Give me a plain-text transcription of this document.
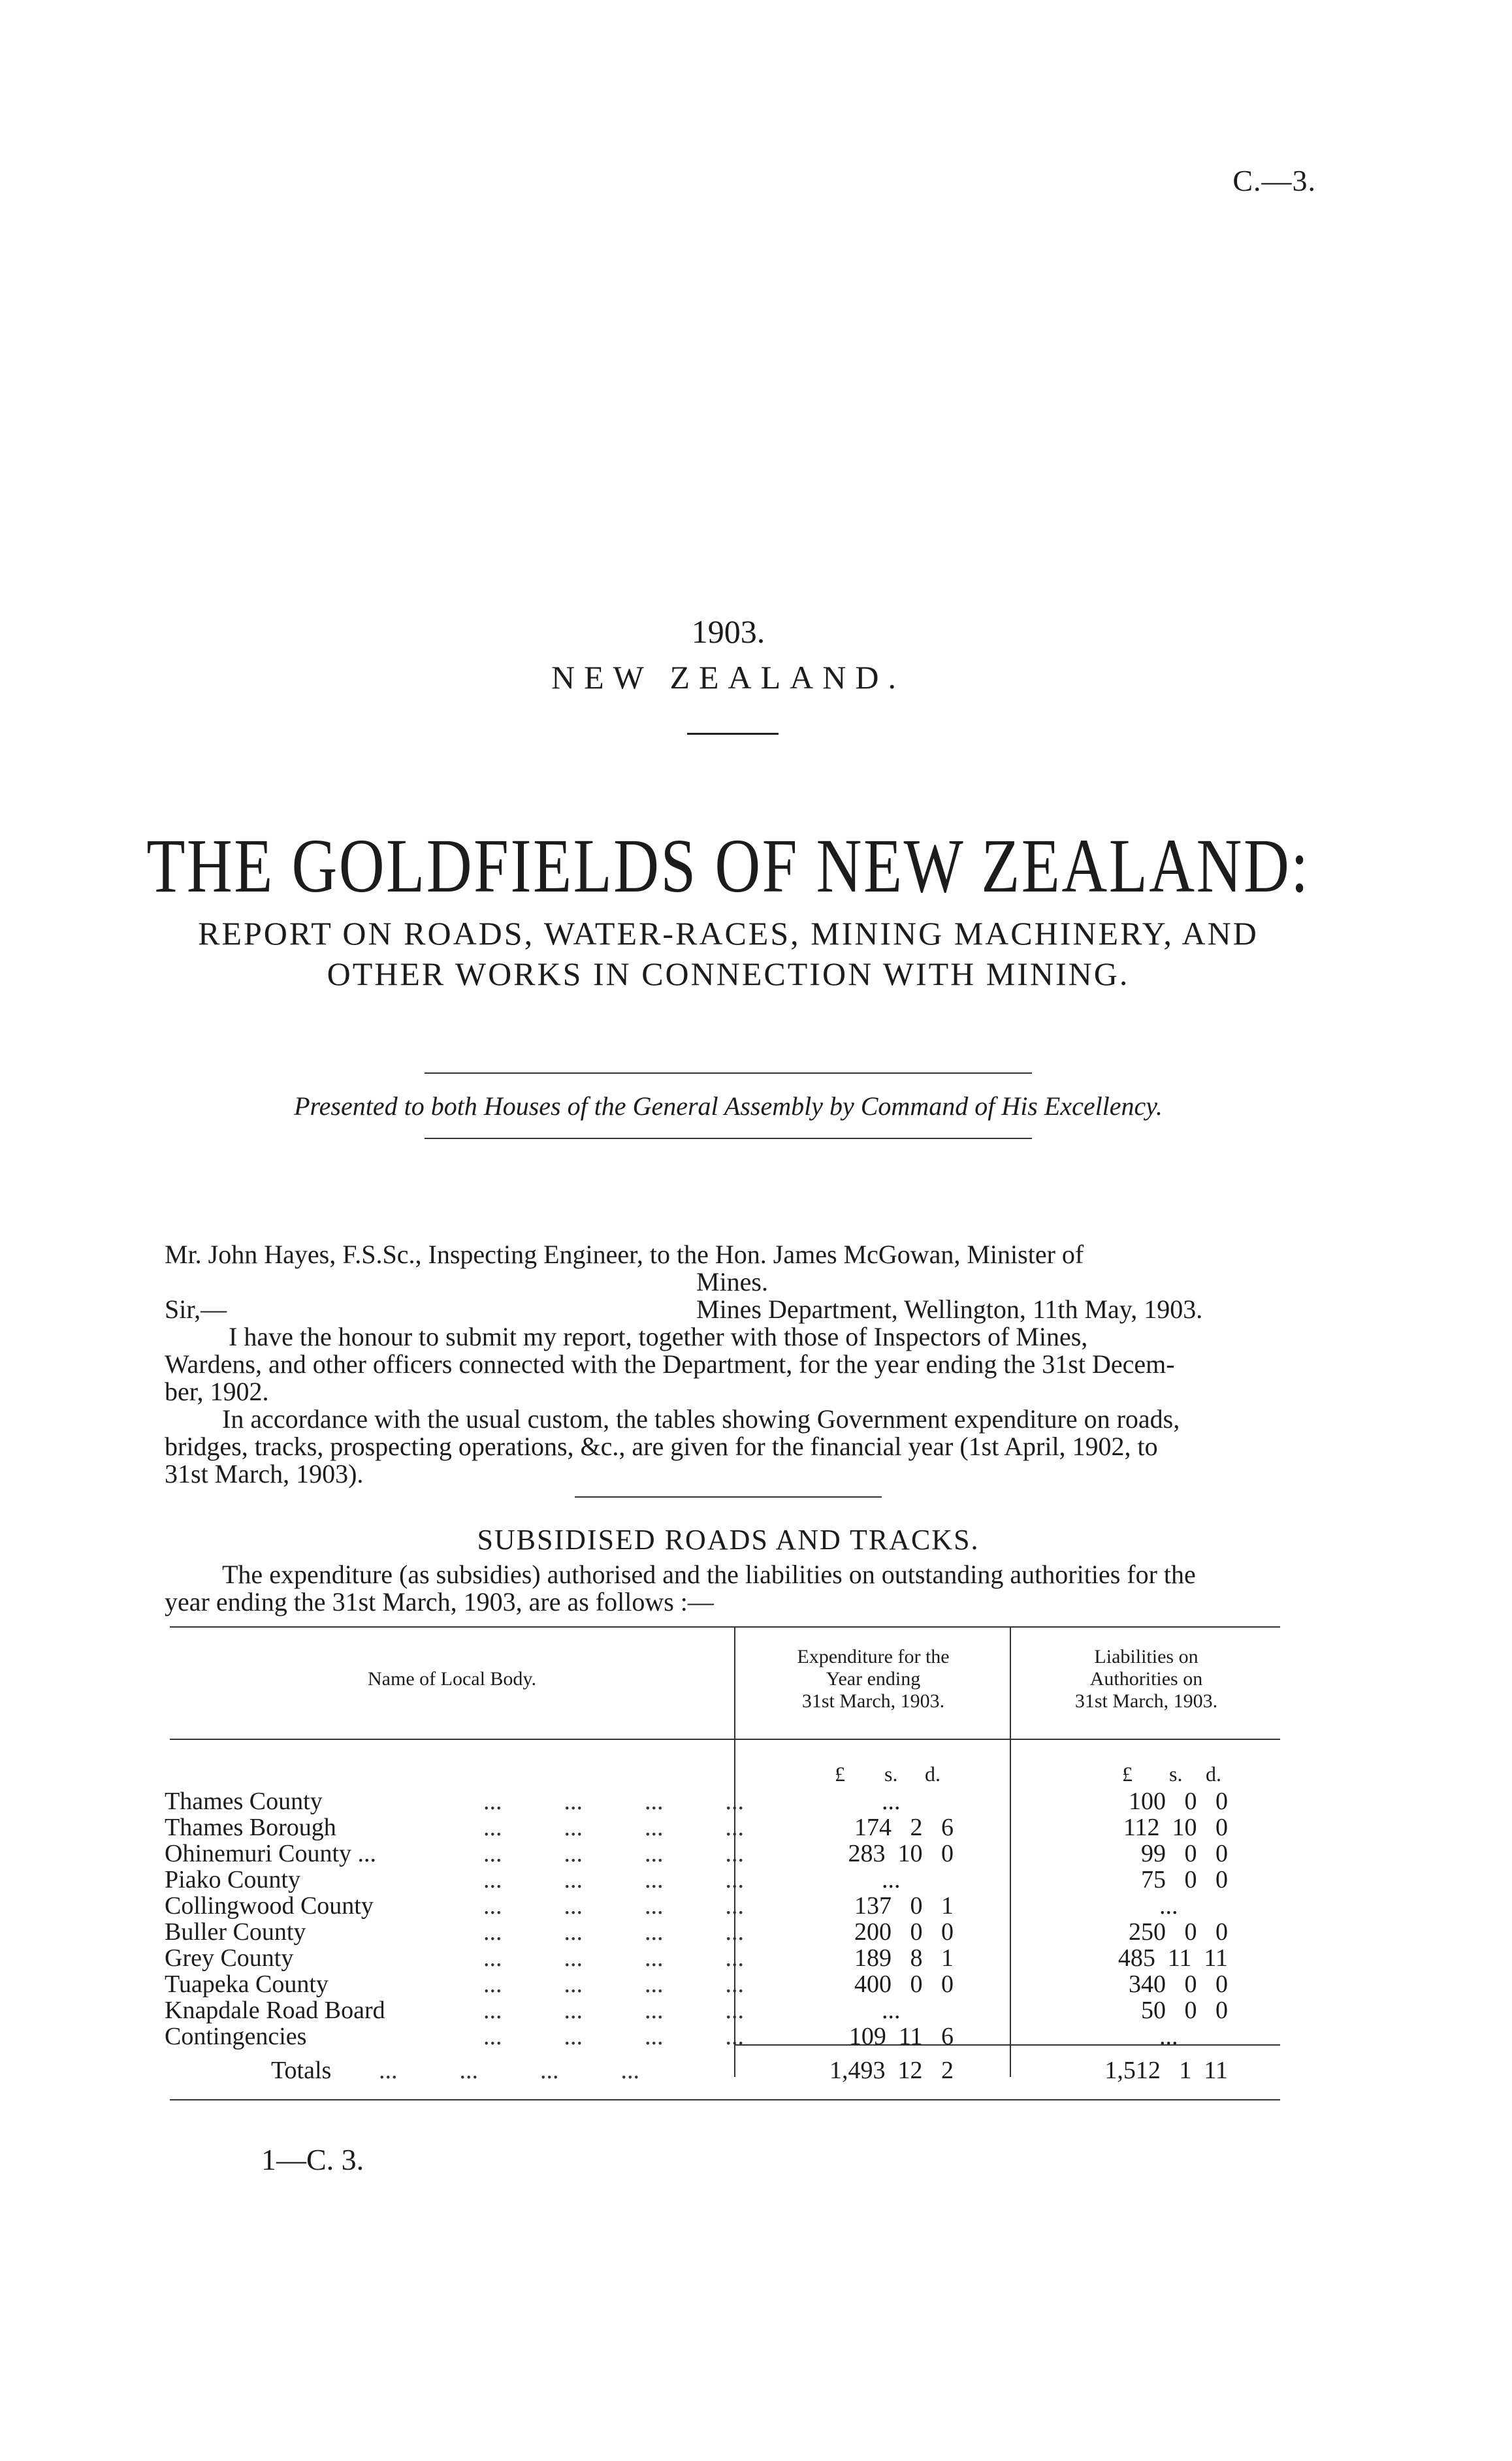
C.—3.
1903.
NEW ZEALAND.
THE GOLDFIELDS OF NEW ZEALAND:
REPORT ON ROADS, WATER-RACES, MINING MACHINERY, AND
OTHER WORKS IN CONNECTION WITH MINING.
Presented to both Houses of the General Assembly by Command of His Excellency.
Mr. John Hayes, F.S.Sc., Inspecting Engineer, to the Hon. James McGowan, Minister of
Mines.
Sir,—	Mines Department, Wellington, 11th May, 1903.
I have the honour to submit my report, together with those of Inspectors of Mines,
Wardens, and other officers connected with the Department, for the year ending the 31st Decem-
ber, 1902.
In accordance with the usual custom, the tables showing Government expenditure on roads,
bridges, tracks, prospecting operations, &c., are given for the financial year (1st April, 1902, to
31st March, 1903).
SUBSIDISED ROADS AND TRACKS.
The expenditure (as subsidies) authorised and the liabilities on outstanding authorities for the
year ending the 31st March, 1903, are as follows :—
Name of Local Body.
Expenditure for the
Year ending
31st March, 1903.
Liabilities on
Authorities on
31st March, 1903.
£ s. d.	£ s. d.
Thames County	...          ...          ...          ...	...	100   0   0
Thames Borough	...          ...          ...          ...	174   2   6	112  10   0
Ohinemuri County ...	...          ...          ...          ...	283  10   0	99   0   0
Piako County	...          ...          ...          ...	...	75   0   0
Collingwood County	...          ...          ...          ...	137   0   1	...
Buller County	...          ...          ...          ...	200   0   0	250   0   0
Grey County	...          ...          ...          ...	189   8   1	485  11  11
Tuapeka County	...          ...          ...          ...	400   0   0	340   0   0
Knapdale Road Board	...          ...          ...          ...	...	50   0   0
Contingencies	...          ...          ...          ...	109  11   6	...
Totals ...          ...          ...          ...	1,493  12   2	1,512   1  11
1—C. 3.
